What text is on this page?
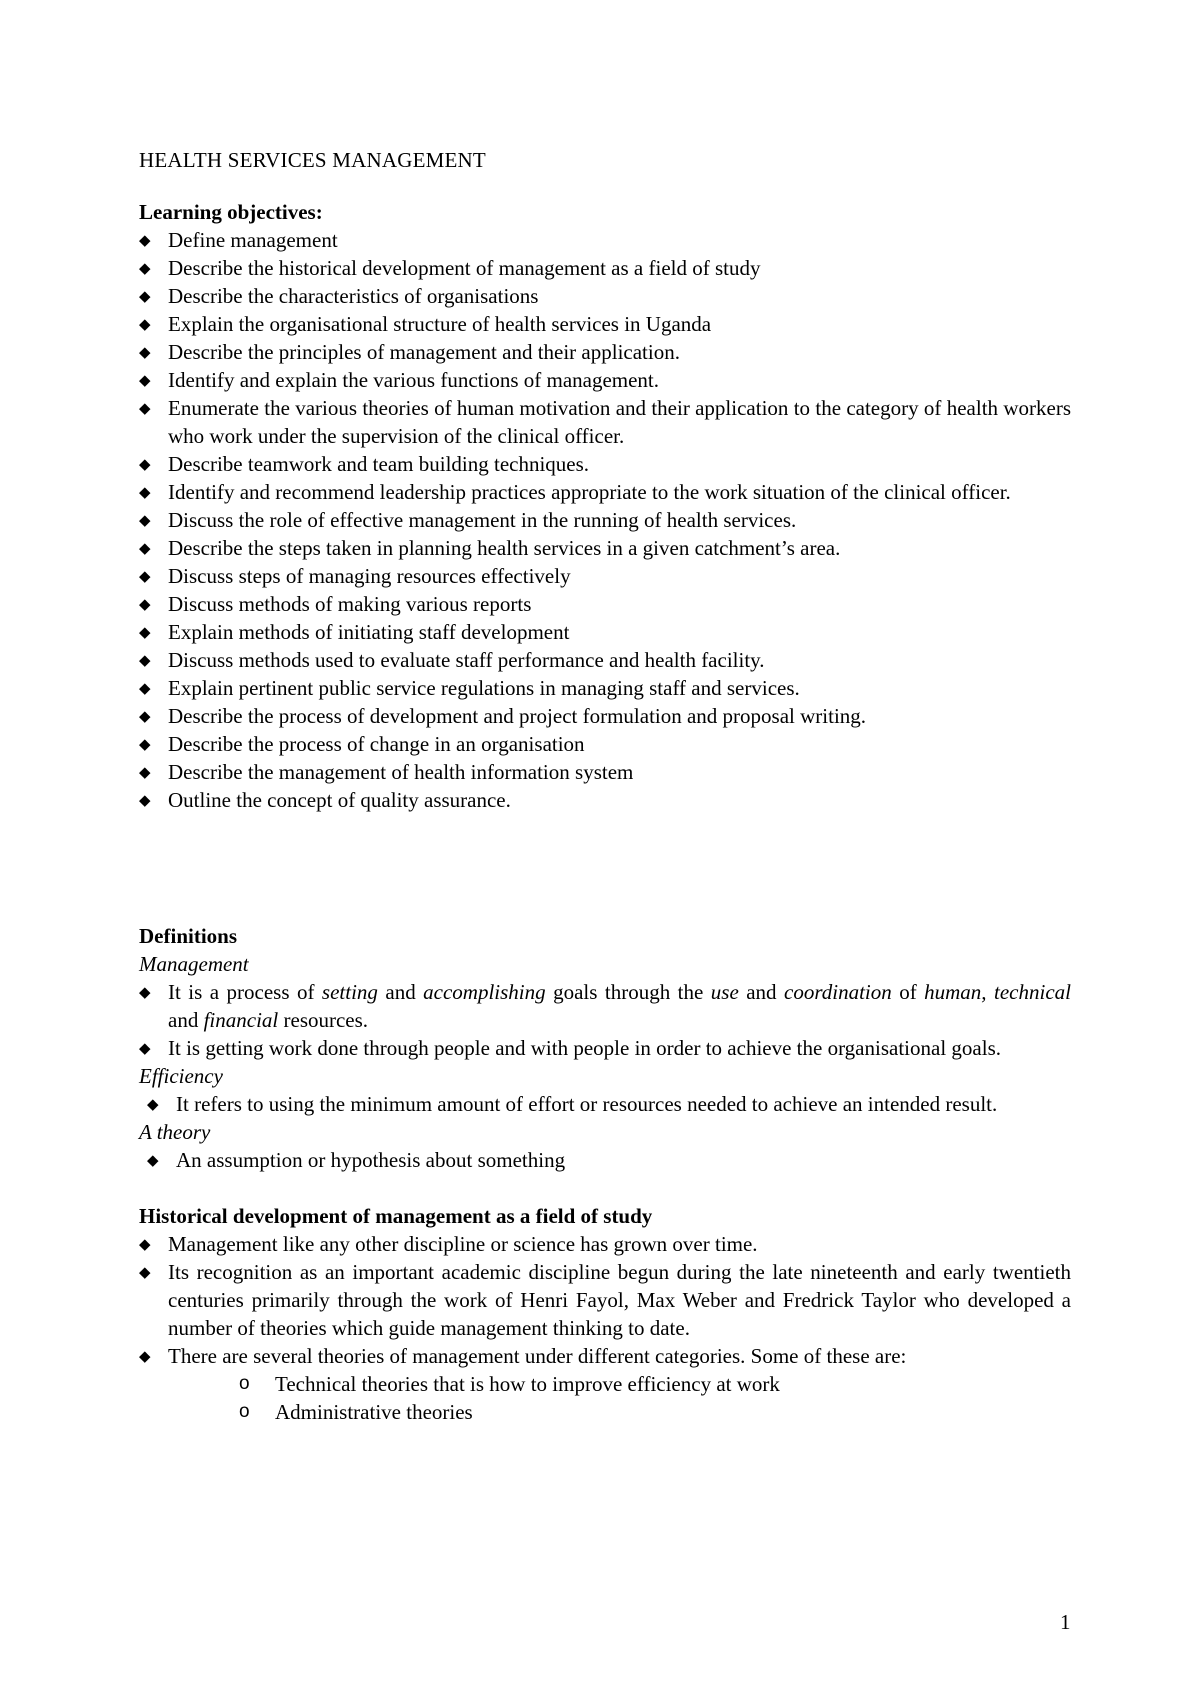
HEALTH SERVICES MANAGEMENT

Learning objectives:

◆ Define management
◆ Describe the historical development of management as a field of study
◆ Describe the characteristics of organisations
◆ Explain the organisational structure of health services in Uganda
◆ Describe the principles of management and their application.
◆ Identify and explain the various functions of management.
◆ Enumerate the various theories of human motivation and their application to the category of health workers who work under the supervision of the clinical officer.
◆ Describe teamwork and team building techniques.
◆ Identify and recommend leadership practices appropriate to the work situation of the clinical officer.
◆ Discuss the role of effective management in the running of health services.
◆ Describe the steps taken in planning health services in a given catchment’s area.
◆ Discuss steps of managing resources effectively
◆ Discuss methods of making various reports
◆ Explain methods of initiating staff development
◆ Discuss methods used to evaluate staff performance and health facility.
◆ Explain pertinent public service regulations in managing staff and services.
◆ Describe the process of development and project formulation and proposal writing.
◆ Describe the process of change in an organisation
◆ Describe the management of health information system
◆ Outline the concept of quality assurance.

Definitions

Management

◆ It is a process of setting and accomplishing goals through the use and coordination of human, technical and financial resources.
◆ It is getting work done through people and with people in order to achieve the organisational goals.

Efficiency

◆ It refers to using the minimum amount of effort or resources needed to achieve an intended result.

A theory

◆ An assumption or hypothesis about something

Historical development of management as a field of study

◆ Management like any other discipline or science has grown over time.
◆ Its recognition as an important academic discipline begun during the late nineteenth and early twentieth centuries primarily through the work of Henri Fayol, Max Weber and Fredrick Taylor who developed a number of theories which guide management thinking to date.
◆ There are several theories of management under different categories. Some of these are:
o Technical theories that is how to improve efficiency at work
o Administrative theories
1
